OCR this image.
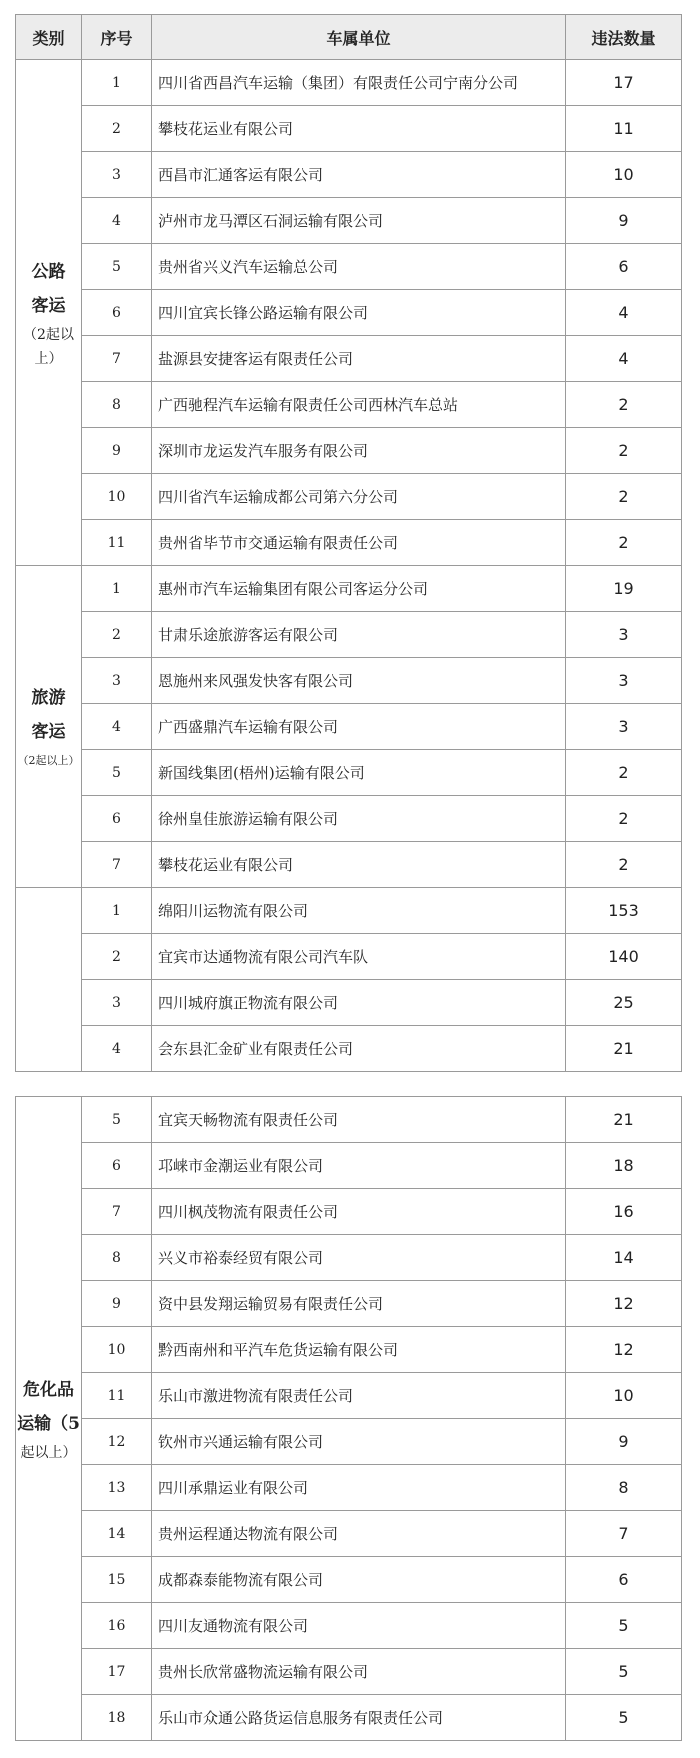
类别	序号	车属单位	违法数量

公路
客运
（2起以上）	1	四川省西昌汽车运输（集团）有限责任公司宁南分公司	17
	2	攀枝花运业有限公司	11
	3	西昌市汇通客运有限公司	10
	4	泸州市龙马潭区石洞运输有限公司	9
	5	贵州省兴义汽车运输总公司	6
	6	四川宜宾长锋公路运输有限公司	4
	7	盐源县安捷客运有限责任公司	4
	8	广西驰程汽车运输有限责任公司西林汽车总站	2
	9	深圳市龙运发汽车服务有限公司	2
	10	四川省汽车运输成都公司第六分公司	2
	11	贵州省毕节市交通运输有限责任公司	2

旅游
客运
（2起以上）	1	惠州市汽车运输集团有限公司客运分公司	19
	2	甘肃乐途旅游客运有限公司	3
	3	恩施州来风强发快客有限公司	3
	4	广西盛鼎汽车运输有限公司	3
	5	新国线集团(梧州)运输有限公司	2
	6	徐州皇佳旅游运输有限公司	2
	7	攀枝花运业有限公司	2
	1	绵阳川运物流有限公司	153
	2	宜宾市达通物流有限公司汽车队	140
	3	四川城府旗正物流有限公司	25
	4	会东县汇金矿业有限责任公司	21
危化品
运输（5
起以上）	5	宜宾天畅物流有限责任公司	21
	6	邛崃市金潮运业有限公司	18
	7	四川枫茂物流有限责任公司	16
	8	兴义市裕泰经贸有限公司	14
	9	资中县发翔运输贸易有限责任公司	12
	10	黔西南州和平汽车危货运输有限公司	12
	11	乐山市激进物流有限责任公司	10
	12	钦州市兴通运输有限公司	9
	13	四川承鼎运业有限公司	8
	14	贵州运程通达物流有限公司	7
	15	成都森泰能物流有限公司	6
	16	四川友通物流有限公司	5
	17	贵州长欣常盛物流运输有限公司	5
	18	乐山市众通公路货运信息服务有限责任公司	5
